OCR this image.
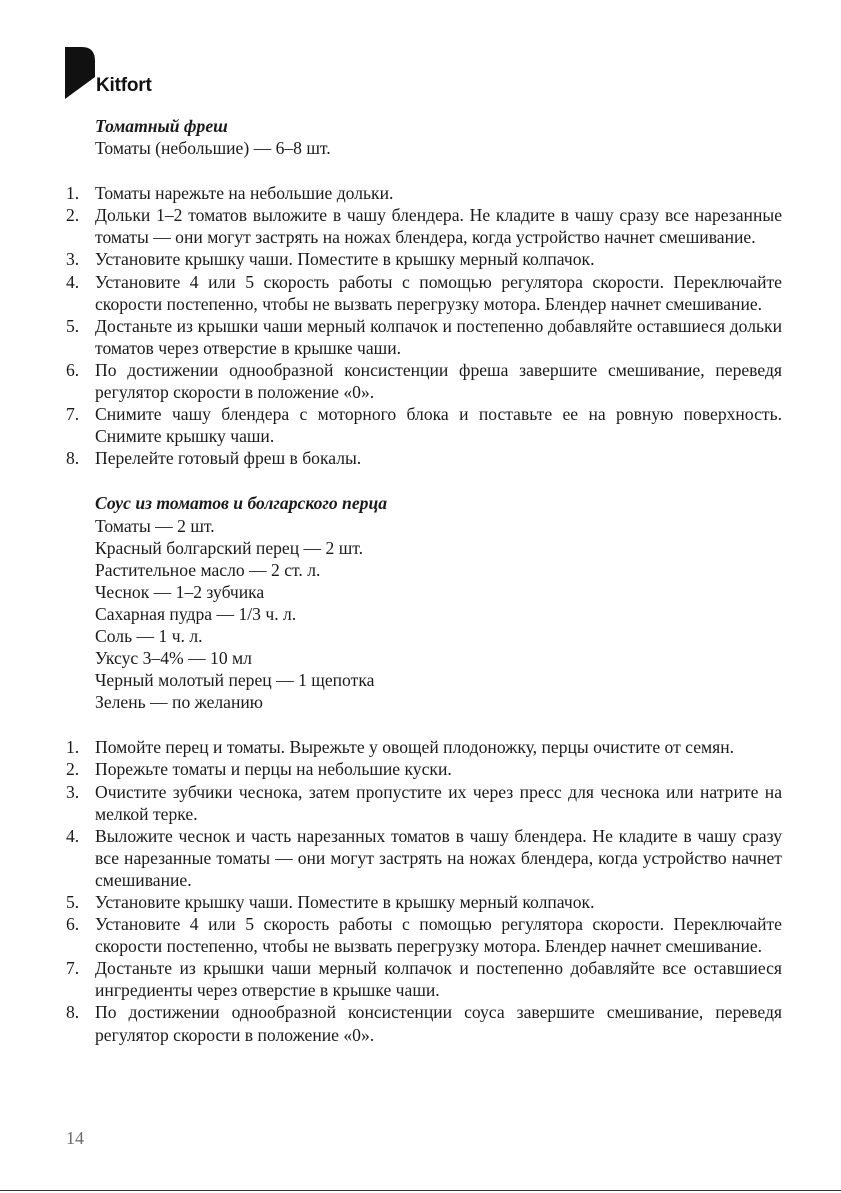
Kitfort
Томатный фреш
Томаты (небольшие) — 6–8 шт.
1. Томаты нарежьте на небольшие дольки.
2. Дольки 1–2 томатов выложите в чашу блендера. Не кладите в чашу сразу все нарезанные томаты — они могут застрять на ножах блендера, когда устройство начнет смешивание.
3. Установите крышку чаши. Поместите в крышку мерный колпачок.
4. Установите 4 или 5 скорость работы с помощью регулятора скорости. Переключайте скорости постепенно, чтобы не вызвать перегрузку мотора. Блендер начнет смешивание.
5. Достаньте из крышки чаши мерный колпачок и постепенно добавляйте оставшиеся дольки томатов через отверстие в крышке чаши.
6. По достижении однообразной консистенции фреша завершите смешивание, переведя регулятор скорости в положение «0».
7. Снимите чашу блендера с моторного блока и поставьте ее на ровную поверхность. Снимите крышку чаши.
8. Перелейте готовый фреш в бокалы.
Соус из томатов и болгарского перца
Томаты — 2 шт.
Красный болгарский перец — 2 шт.
Растительное масло — 2 ст. л.
Чеснок — 1–2 зубчика
Сахарная пудра — 1/3 ч. л.
Соль — 1 ч. л.
Уксус 3–4% — 10 мл
Черный молотый перец — 1 щепотка
Зелень — по желанию
1. Помойте перец и томаты. Вырежьте у овощей плодоножку, перцы очистите от семян.
2. Порежьте томаты и перцы на небольшие куски.
3. Очистите зубчики чеснока, затем пропустите их через пресс для чеснока или натрите на мелкой терке.
4. Выложите чеснок и часть нарезанных томатов в чашу блендера. Не кладите в чашу сразу все нарезанные томаты — они могут застрять на ножах блендера, когда устройство начнет смешивание.
5. Установите крышку чаши. Поместите в крышку мерный колпачок.
6. Установите 4 или 5 скорость работы с помощью регулятора скорости. Переключайте скорости постепенно, чтобы не вызвать перегрузку мотора. Блендер начнет смешивание.
7. Достаньте из крышки чаши мерный колпачок и постепенно добавляйте все оставшиеся ингредиенты через отверстие в крышке чаши.
8. По достижении однообразной консистенции соуса завершите смешивание, переведя регулятор скорости в положение «0».
14
